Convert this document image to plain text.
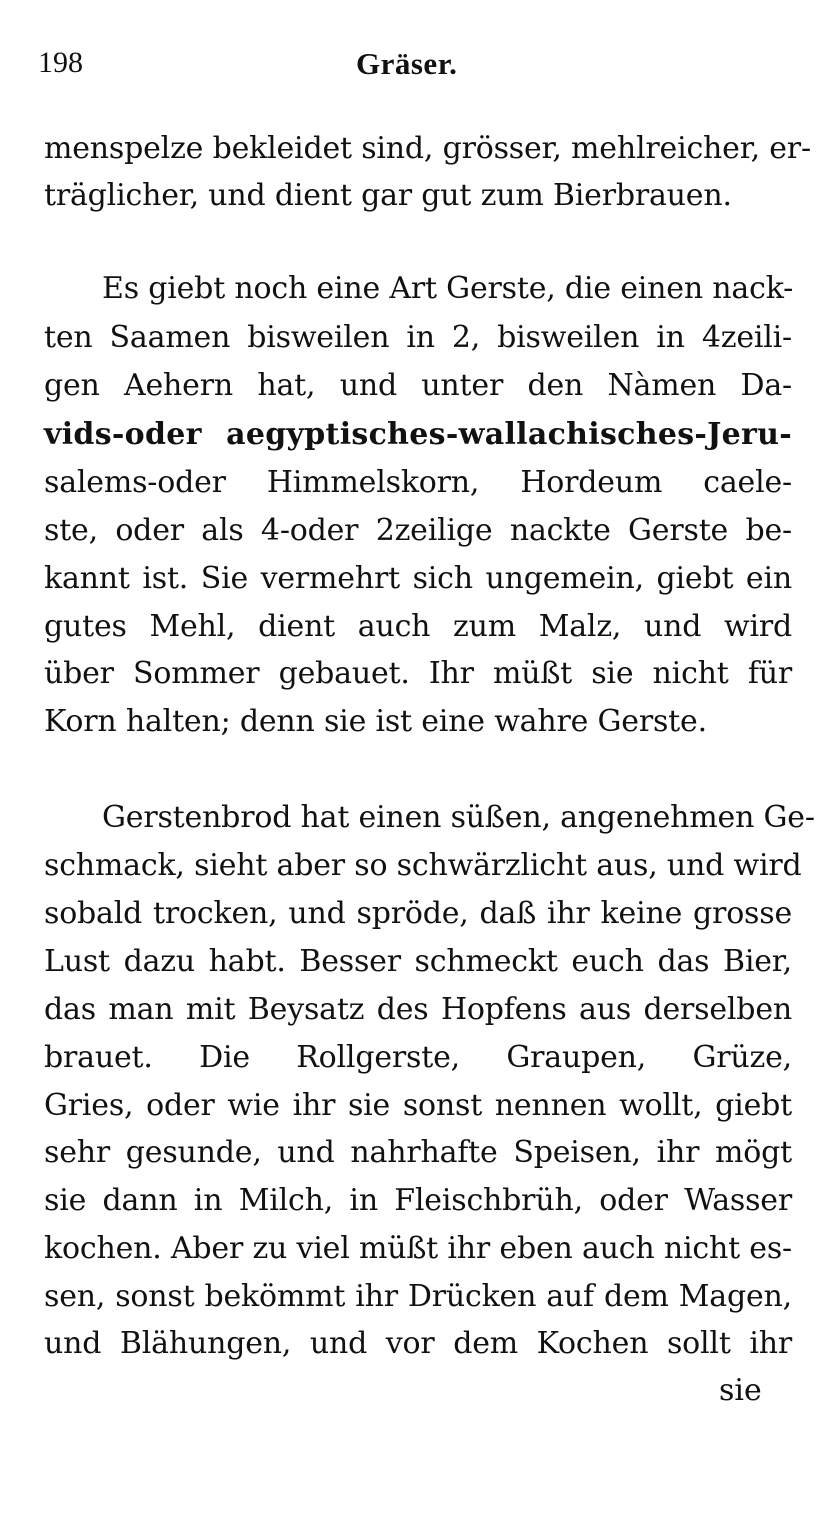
198	Gräser.
menspelze bekleidet sind, grösser, mehlreicher, er-
träglicher, und dient gar gut zum Bierbrauen.
Es giebt noch eine Art Gerste, die einen nack-
ten Saamen bisweilen in 2, bisweilen in 4zeili-
gen Aehern hat, und unter den Nàmen Da-
vids-oder aegyptisches-wallachisches-Jeru-
salems-oder Himmelskorn, Hordeum caele-
ste, oder als 4-oder 2zeilige nackte Gerste be-
kannt ist. Sie vermehrt sich ungemein, giebt ein
gutes Mehl, dient auch zum Malz, und wird
über Sommer gebauet. Ihr müßt sie nicht für
Korn halten; denn sie ist eine wahre Gerste.
Gerstenbrod hat einen süßen, angenehmen Ge-
schmack, sieht aber so schwärzlicht aus, und wird
sobald trocken, und spröde, daß ihr keine grosse
Lust dazu habt. Besser schmeckt euch das Bier,
das man mit Beysatz des Hopfens aus derselben
brauet. Die Rollgerste, Graupen, Grüze,
Gries, oder wie ihr sie sonst nennen wollt, giebt
sehr gesunde, und nahrhafte Speisen, ihr mögt
sie dann in Milch, in Fleischbrüh, oder Wasser
kochen. Aber zu viel müßt ihr eben auch nicht es-
sen, sonst bekömmt ihr Drücken auf dem Magen,
und Blähungen, und vor dem Kochen sollt ihr
sie
